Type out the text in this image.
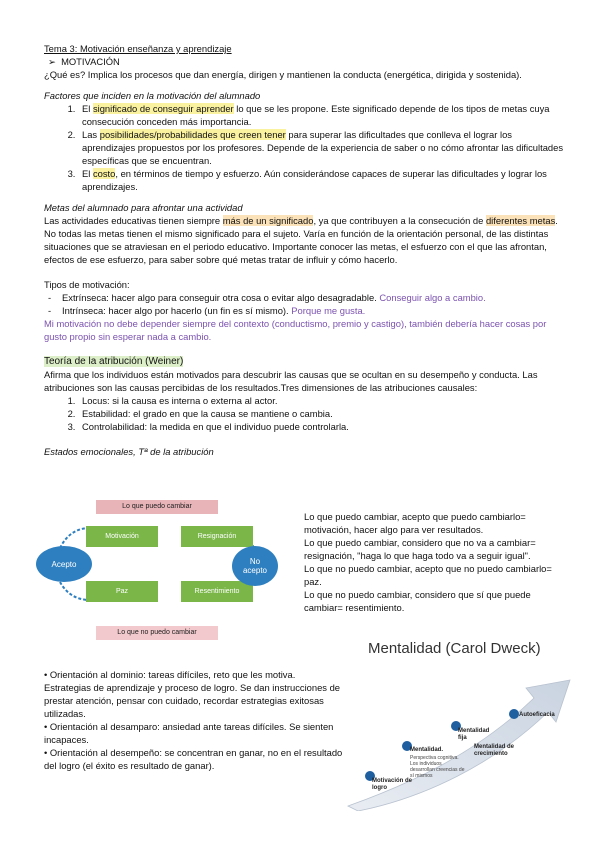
Tema 3: Motivación enseñanza y aprendizaje

➢ MOTIVACIÓN

¿Qué es? Implica los procesos que dan energía, dirigen y mantienen la conducta (energética, dirigida y sostenida).

Factores que inciden en la motivación del alumnado

1. El significado de conseguir aprender lo que se les propone. Este significado depende de los tipos de metas cuya consecución conceden más importancia.
2. Las posibilidades/probabilidades que creen tener para superar las dificultades que conlleva el lograr los aprendizajes propuestos por los profesores. Depende de la experiencia de saber o no cómo afrontar las dificultades específicas que se encuentran.
3. El costo, en términos de tiempo y esfuerzo. Aún considerándose capaces de superar las dificultades y lograr los aprendizajes.

Metas del alumnado para afrontar una actividad

Las actividades educativas tienen siempre más de un significado, ya que contribuyen a la consecución de diferentes metas. No todas las metas tienen el mismo significado para el sujeto. Varía en función de la orientación personal, de las distintas situaciones que se atraviesan en el periodo educativo. Importante conocer las metas, el esfuerzo con el que las afrontan, efectos de ese esfuerzo, para saber sobre qué metas tratar de influir y cómo hacerlo.

Tipos de motivación:

- Extrínseca: hacer algo para conseguir otra cosa o evitar algo desagradable. Conseguir algo a cambio.
- Intrínseca: hacer algo por hacerlo (un fin es sí mismo). Porque me gusta.

Mi motivación no debe depender siempre del contexto (conductismo, premio y castigo), también debería hacer cosas por gusto propio sin esperar nada a cambio.

Teoría de la atribución (Weiner)

Afirma que los individuos están motivados para descubrir las causas que se ocultan en su desempeño y conducta. Las atribuciones son las causas percibidas de los resultados.Tres dimensiones de las atribuciones causales:

1. Locus: si la causa es interna o externa al actor.
2. Estabilidad: el grado en que la causa se mantiene o cambia.
3. Controlabilidad: la medida en que el individuo puede controlarla.

Estados emocionales, Tª de la atribución

Lo que puedo cambiar
Motivación	Resignación
Paz	Resentimiento
Acepto	No acepto
Lo que no puedo cambiar

Lo que puedo cambiar, acepto que puedo cambiarlo= motivación, hacer algo para ver resultados.

Lo que puedo cambiar, considero que no va a cambiar= resignación, "haga lo que haga todo va a seguir igual".

Lo que no puedo cambiar, acepto que no puedo cambiarlo= paz.

Lo que no puedo cambiar, considero que sí que puede cambiar= resentimiento.

• Orientación al dominio: tareas difíciles, reto que les motiva. Estrategias de aprendizaje y proceso de logro. Se dan instrucciones de prestar atención, pensar con cuidado, recordar estrategias exitosas utilizadas.

• Orientación al desamparo: ansiedad ante tareas difíciles. Se sienten incapaces.

• Orientación al desempeño: se concentran en ganar, no en el resultado del logro (el éxito es resultado de ganar).

Mentalidad (Carol Dweck)
Motivación de logro
Mentalidad.
Perspectiva cognitiva. Los individuos desarrollan creencias de sí mismos
Mentalidad fija
Mentalidad de crecimiento
Autoeficacia
